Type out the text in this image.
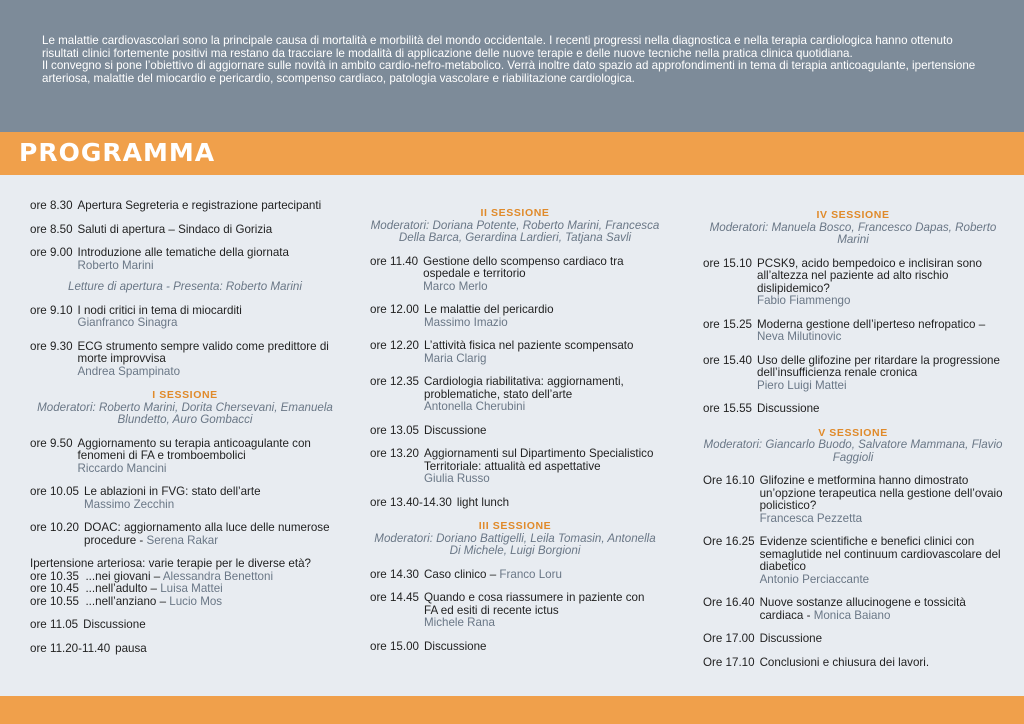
Le malattie cardiovascolari sono la principale causa di mortalità e morbilità del mondo occidentale. I recenti progressi nella diagnostica e nella terapia cardiologica hanno ottenuto risultati clinici fortemente positivi ma restano da tracciare le modalità di applicazione delle nuove terapie e delle nuove tecniche nella pratica clinica quotidiana.

Il convegno si pone l’obiettivo di aggiornare sulle novità in ambito cardio-nefro-metabolico. Verrà inoltre dato spazio ad approfondimenti in tema di terapia anticoagulante, ipertensione arteriosa, malattie del miocardio e pericardio, scompenso cardiaco, patologia vascolare e riabilitazione cardiologica.

PROGRAMMA
ore 8.30 Apertura Segreteria e registrazione partecipanti
ore 8.50 Saluti di apertura – Sindaco di Gorizia
ore 9.00 Introduzione alle tematiche della giornata
Roberto Marini
Letture di apertura - Presenta: Roberto Marini
ore 9.10 I nodi critici in tema di miocarditi
Gianfranco Sinagra
ore 9.30 ECG strumento sempre valido come predittore di morte improvvisa
Andrea Spampinato
I SESSIONE
Moderatori: Roberto Marini, Dorita Chersevani, Emanuela Blundetto, Auro Gombacci
ore 9.50 Aggiornamento su terapia anticoagulante con fenomeni di FA e tromboembolici
Riccardo Mancini
ore 10.05 Le ablazioni in FVG: stato dell’arte
Massimo Zecchin
ore 10.20 DOAC: aggiornamento alla luce delle numerose procedure - Serena Rakar
Ipertensione arteriosa: varie terapie per le diverse età?
ore 10.35 ...nei giovani – Alessandra Benettoni
ore 10.45 ...nell’adulto – Luisa Mattei
ore 10.55 ...nell’anziano – Lucio Mos
ore 11.05 Discussione
ore 11.20-11.40 pausa
II SESSIONE
Moderatori: Doriana Potente, Roberto Marini, Francesca Della Barca, Gerardina Lardieri, Tatjana Savli
ore 11.40 Gestione dello scompenso cardiaco tra ospedale e territorio
Marco Merlo
ore 12.00 Le malattie del pericardio
Massimo Imazio
ore 12.20 L’attività fisica nel paziente scompensato
Maria Clarig
ore 12.35 Cardiologia riabilitativa: aggiornamenti, problematiche, stato dell’arte
Antonella Cherubini
ore 13.05 Discussione
ore 13.20 Aggiornamenti sul Dipartimento Specialistico Territoriale: attualità ed aspettative
Giulia Russo
ore 13.40-14.30 light lunch
III SESSIONE
Moderatori: Doriano Battigelli, Leila Tomasin, Antonella Di Michele, Luigi Borgioni
ore 14.30 Caso clinico – Franco Loru
ore 14.45 Quando e cosa riassumere in paziente con FA ed esiti di recente ictus
Michele Rana
ore 15.00 Discussione
IV SESSIONE
Moderatori: Manuela Bosco, Francesco Dapas, Roberto Marini
ore 15.10 PCSK9, acido bempedoico e inclisiran sono all’altezza nel paziente ad alto rischio dislipidemico?
Fabio Fiammengo
ore 15.25 Moderna gestione dell’iperteso nefropatico – Neva Milutinovic
ore 15.40 Uso delle glifozine per ritardare la progressione dell’insufficienza renale cronica
Piero Luigi Mattei
ore 15.55 Discussione
V SESSIONE
Moderatori: Giancarlo Buodo, Salvatore Mammana, Flavio Faggioli
Ore 16.10 Glifozine e metformina hanno dimostrato un’opzione terapeutica nella gestione dell’ovaio policistico?
Francesca Pezzetta
Ore 16.25 Evidenze scientifiche e benefici clinici con semaglutide nel continuum cardiovascolare del diabetico
Antonio Perciaccante
Ore 16.40 Nuove sostanze allucinogene e tossicità cardiaca - Monica Baiano
Ore 17.00 Discussione
Ore 17.10 Conclusioni e chiusura dei lavori.
